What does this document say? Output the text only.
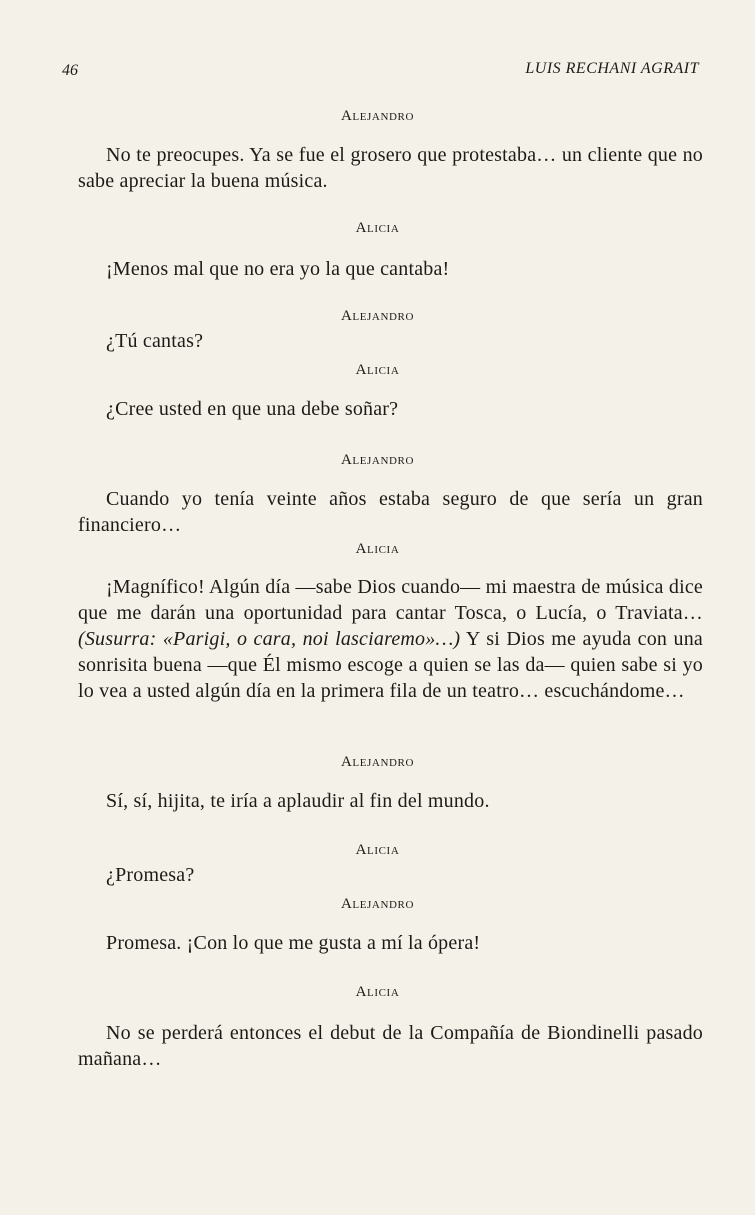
46	LUIS RECHANI AGRAIT
Alejandro
No te preocupes. Ya se fue el grosero que protestaba… un cliente que no sabe apreciar la buena música.
Alicia
¡Menos mal que no era yo la que cantaba!
Alejandro
¿Tú cantas?
Alicia
¿Cree usted en que una debe soñar?
Alejandro
Cuando yo tenía veinte años estaba seguro de que sería un gran financiero…
Alicia
¡Magnífico! Algún día —sabe Dios cuando— mi maestra de música dice que me darán una oportunidad para cantar Tosca, o Lucía, o Traviata… (Susurra: «Parigi, o cara, noi lasciaremo»…) Y si Dios me ayuda con una sonrisita buena —que Él mismo escoge a quien se las da— quien sabe si yo lo vea a usted algún día en la primera fila de un teatro… escuchándome…
Alejandro
Sí, sí, hijita, te iría a aplaudir al fin del mundo.
Alicia
¿Promesa?
Alejandro
Promesa. ¡Con lo que me gusta a mí la ópera!
Alicia
No se perderá entonces el debut de la Compañía de Biondinelli pasado mañana…
